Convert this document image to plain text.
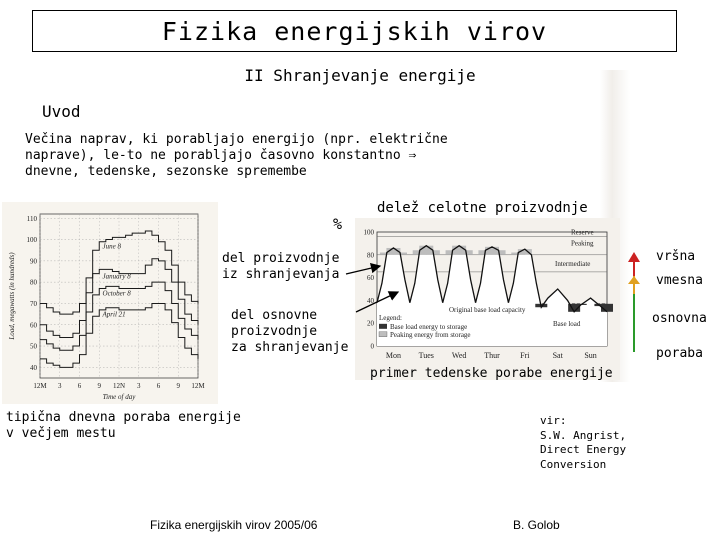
Fizika energijskih virov
II Shranjevanje energije
Uvod
Večina naprav, ki porabljajo energijo (npr. električne
naprave), le-to ne porabljajo časovno konstantno ⇒
dnevne, tedenske, sezonske spremembe
40
50
60
70
80
90
100
110
12M 3 6 9 12N 3 6 9 12M
Time of day
Load, megawatts (in hundreds)
June 8
January 8
October 8
April 21
0
20
40
60
80
100	Reserve
Peaking
Intermediate
Original base load capacity
Base load
Legend:
Base load energy to storage
Peaking energy from storage
Mon Tues Wed Thur	Fri	Sat	Sun
%
delež celotne proizvodnje
del proizvodnje
iz shranjevanja
del osnovne
proizvodnje
za shranjevanje
vršna
vmesna
osnovna
poraba
primer tedenske porabe energije
tipična dnevna poraba energije
v večjem mestu
vir:
S.W. Angrist,
Direct Energy
Conversion
Fizika energijskih virov 2005/06	B. Golob
